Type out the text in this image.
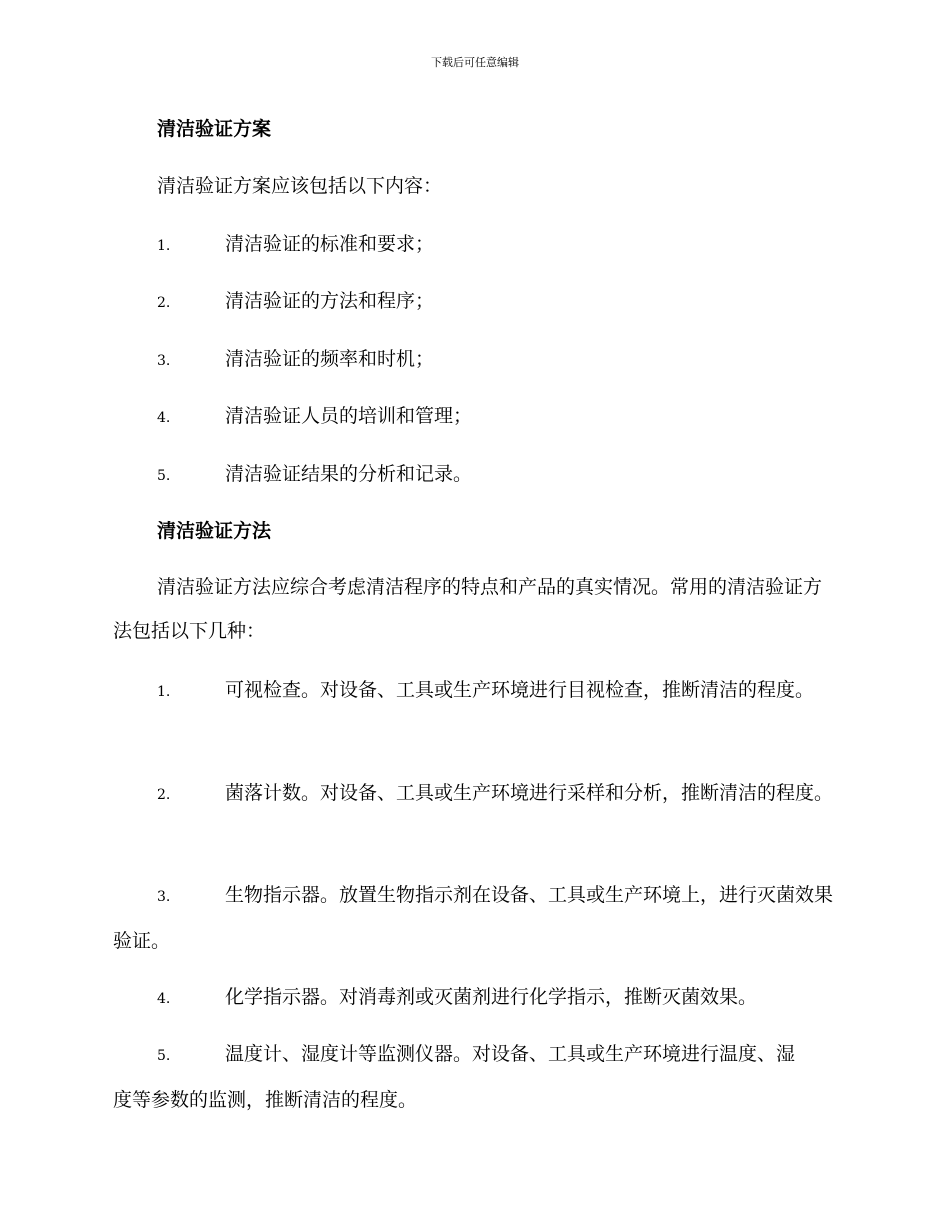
下载后可任意编辑
清洁验证方案
清洁验证方案应该包括以下内容：
1.	清洁验证的标准和要求；
2.	清洁验证的方法和程序；
3.	清洁验证的频率和时机；
4.	清洁验证人员的培训和管理；
5.	清洁验证结果的分析和记录。
清洁验证方法
清洁验证方法应综合考虑清洁程序的特点和产品的真实情况。常用的清洁验证方法包括以下几种：
1.	可视检查。对设备、工具或生产环境进行目视检查，推断清洁的程度。
2.	菌落计数。对设备、工具或生产环境进行采样和分析，推断清洁的程度。
3.	生物指示器。放置生物指示剂在设备、工具或生产环境上，进行灭菌效果验证。
4.	化学指示器。对消毒剂或灭菌剂进行化学指示，推断灭菌效果。
5.	温度计、湿度计等监测仪器。对设备、工具或生产环境进行温度、湿度等参数的监测，推断清洁的程度。
